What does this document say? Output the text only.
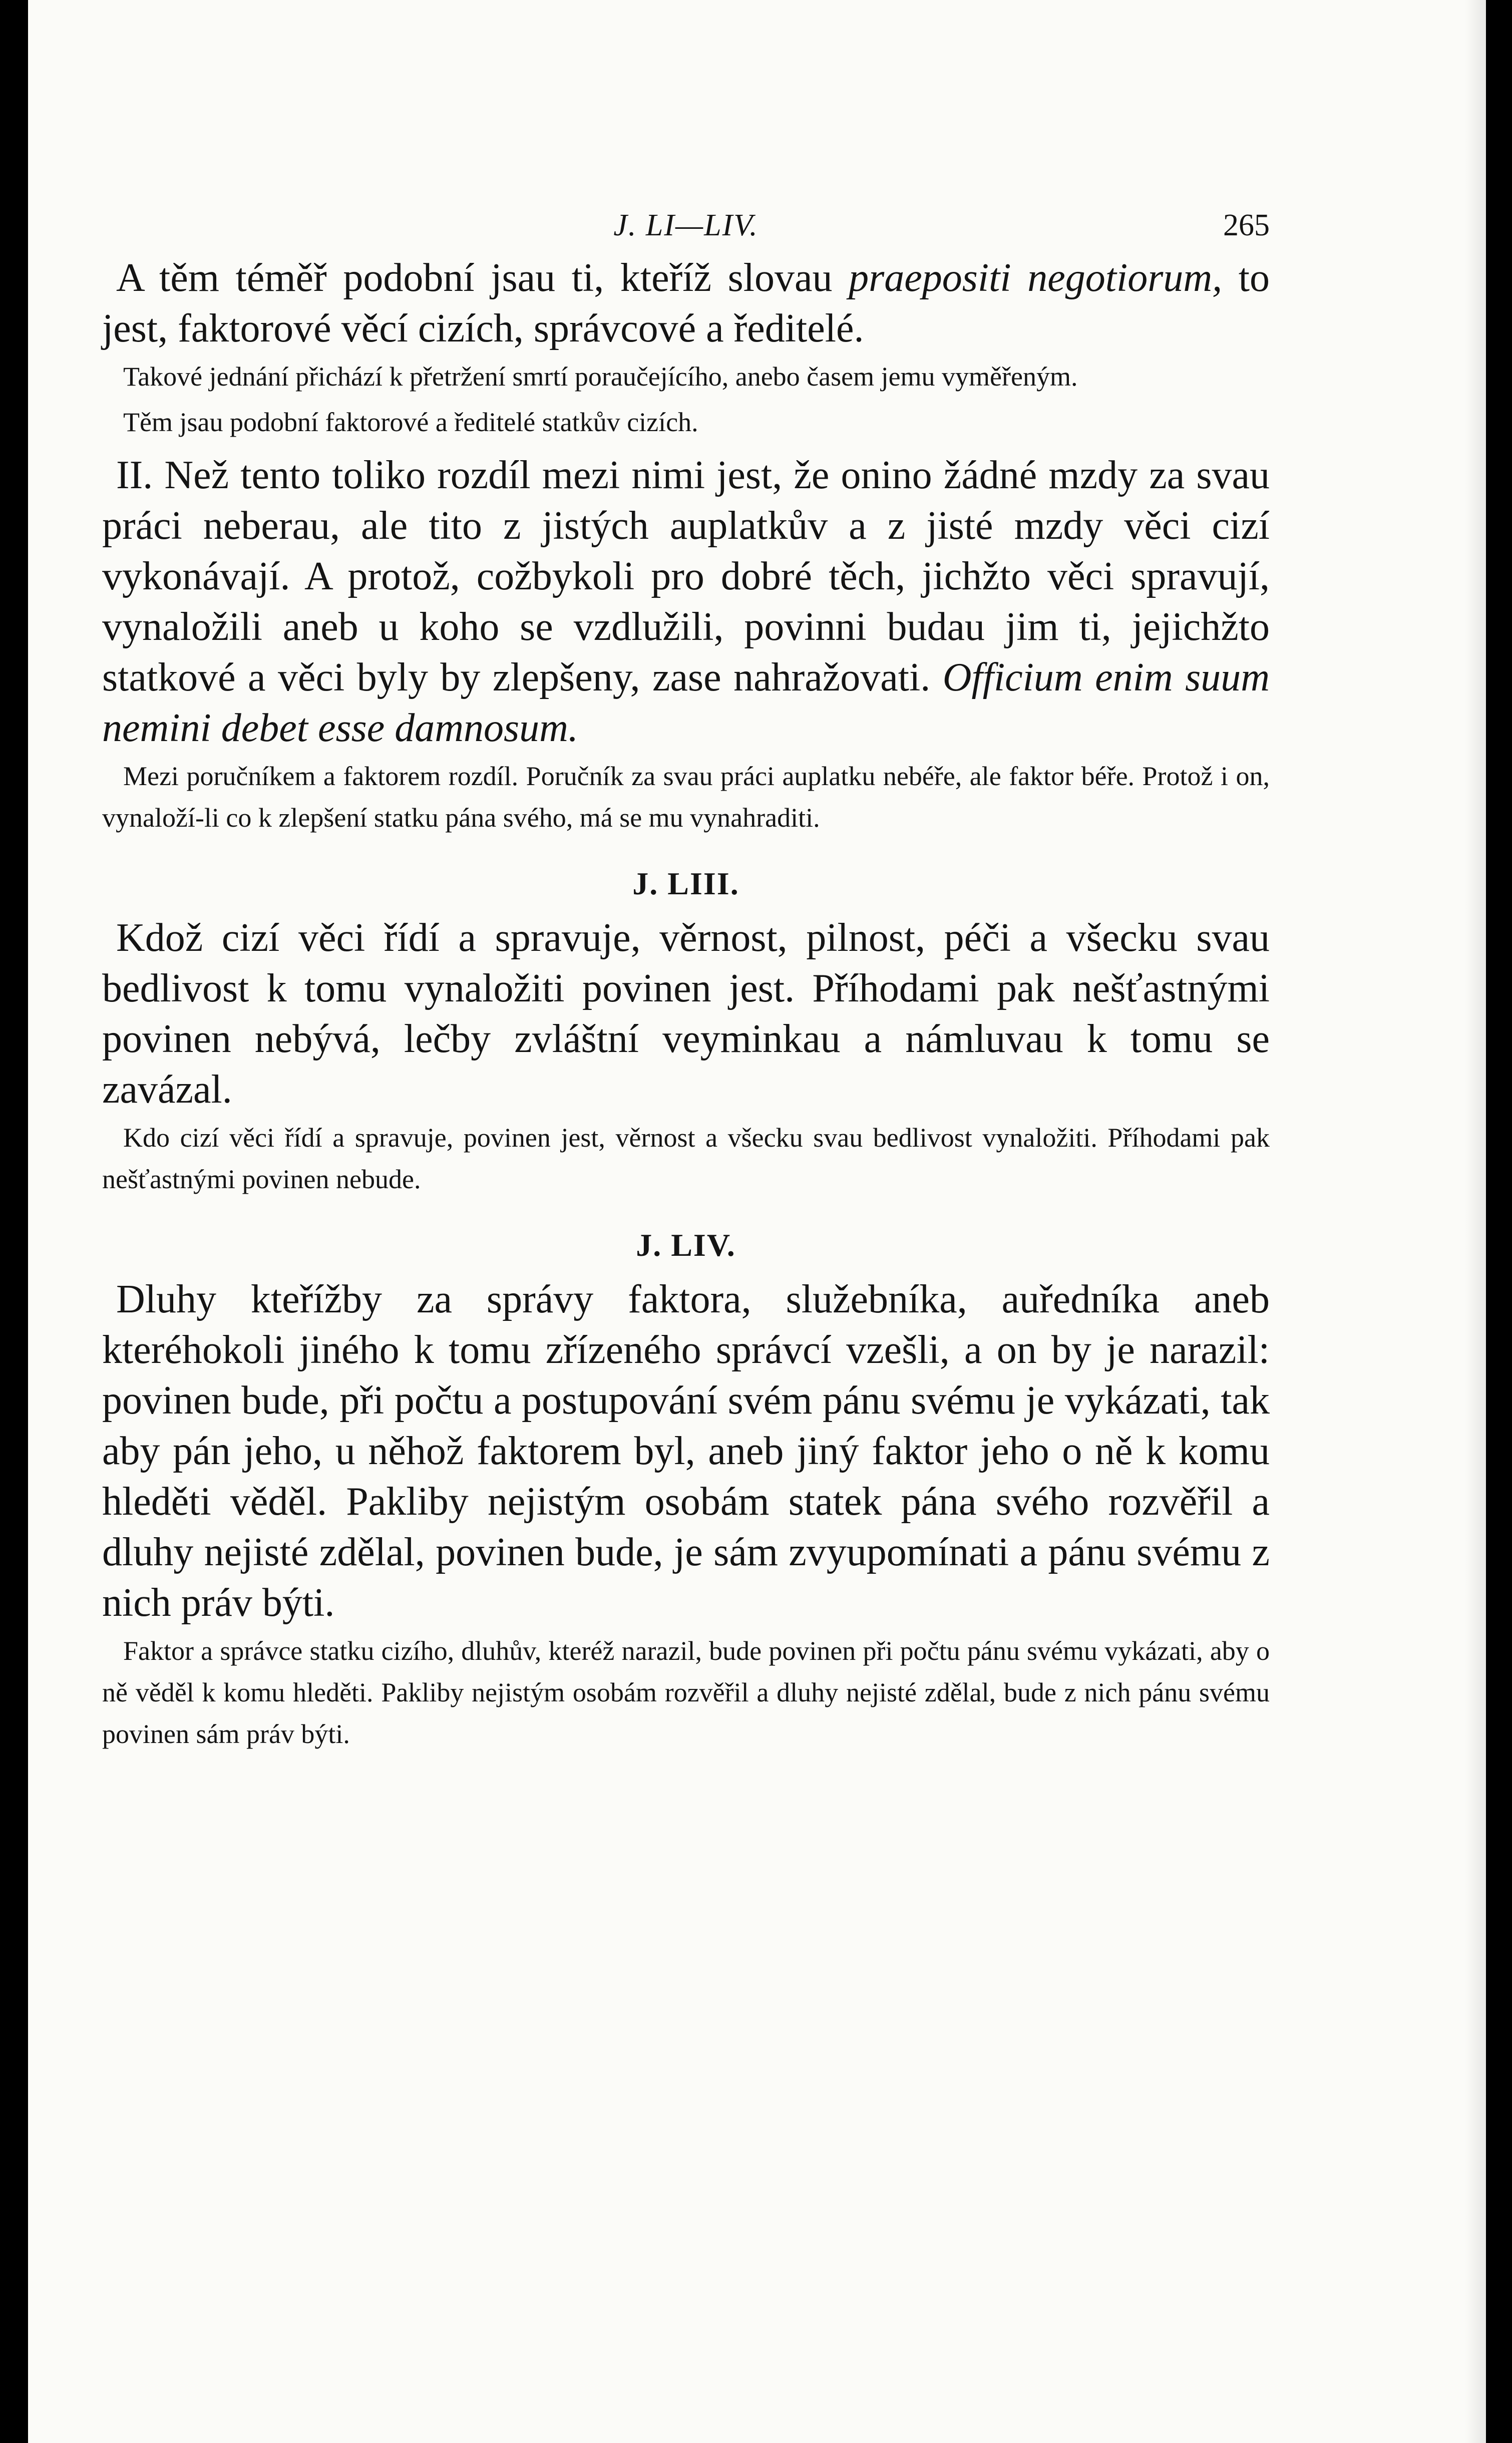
J. LI—LIV.	265

A těm téměř podobní jsau ti, kteříž slovau praepositi negotiorum, to jest, faktorové věcí cizích, správcové a ředitelé.

Takové jednání přichází k přetržení smrtí poraučejícího, anebo časem jemu vyměřeným.

Těm jsau podobní faktorové a ředitelé statkův cizích.

II. Než tento toliko rozdíl mezi nimi jest, že onino žádné mzdy za svau práci neberau, ale tito z jistých auplatkův a z jisté mzdy věci cizí vykonávají. A protož, cožbykoli pro dobré těch, jichžto věci spravují, vynaložili aneb u koho se vzdlužili, povinni budau jim ti, jejichžto statkové a věci byly by zlepšeny, zase nahražovati. Officium enim suum nemini debet esse damnosum.

Mezi poručníkem a faktorem rozdíl. Poručník za svau práci auplatku nebéře, ale faktor béře. Protož i on, vynaloží-li co k zlepšení statku pána svého, má se mu vynahraditi.

J. LIII.

Kdož cizí věci řídí a spravuje, věrnost, pilnost, péči a všecku svau bedlivost k tomu vynaložiti povinen jest. Příhodami pak nešťastnými povinen nebývá, lečby zvláštní veyminkau a námluvau k tomu se zavázal.

Kdo cizí věci řídí a spravuje, povinen jest, věrnost a všecku svau bedlivost vynaložiti. Příhodami pak nešťastnými povinen nebude.

J. LIV.

Dluhy kteřížby za správy faktora, služebníka, auředníka aneb kteréhokoli jiného k tomu zřízeného správcí vzešli, a on by je narazil: povinen bude, při počtu a postupování svém pánu svému je vykázati, tak aby pán jeho, u něhož faktorem byl, aneb jiný faktor jeho o ně k komu hleděti věděl. Pakliby nejistým osobám statek pána svého rozvěřil a dluhy nejisté zdělal, povinen bude, je sám zvyupomínati a pánu svému z nich práv býti.

Faktor a správce statku cizího, dluhův, kteréž narazil, bude povinen při počtu pánu svému vykázati, aby o ně věděl k komu hleděti. Pakliby nejistým osobám rozvěřil a dluhy nejisté zdělal, bude z nich pánu svému povinen sám práv býti.
